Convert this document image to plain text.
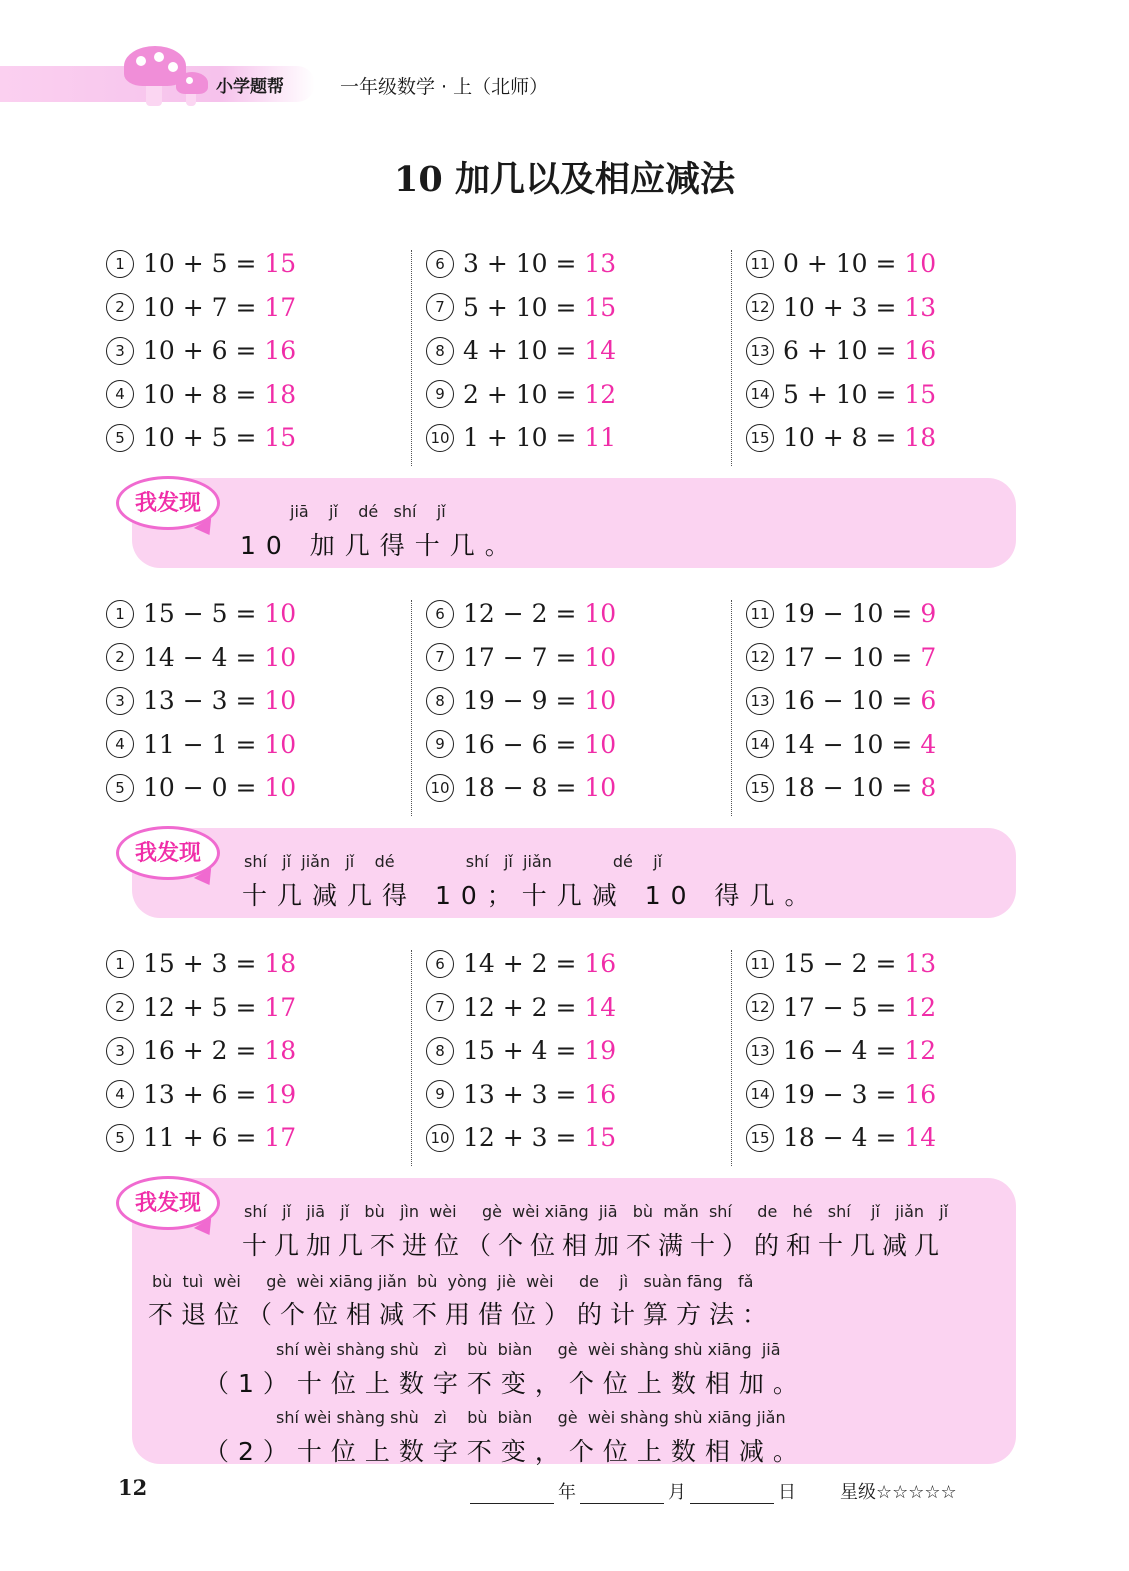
小学题帮	一年级数学 · 上（北师）
10 加几以及相应减法
1 10 + 5 = 15
2 10 + 7 = 17
3 10 + 6 = 16
4 10 + 8 = 18
5 10 + 5 = 15
6 3 + 10 = 13
7 5 + 10 = 15
8 4 + 10 = 14
9 2 + 10 = 12
10 1 + 10 = 11
11 0 + 10 = 10
12 10 + 3 = 13
13 6 + 10 = 16
14 5 + 10 = 15
15 10 + 8 = 18
jiā    jǐ    dé   shí    jǐ
10 加几得十几。
我发现
1 15 − 5 = 10
2 14 − 4 = 10
3 13 − 3 = 10
4 11 − 1 = 10
5 10 − 0 = 10
6 12 − 2 = 10
7 17 − 7 = 10
8 19 − 9 = 10
9 16 − 6 = 10
10 18 − 8 = 10
11 19 − 10 = 9
12 17 − 10 = 7
13 16 − 10 = 6
14 14 − 10 = 4
15 18 − 10 = 8
shí   jǐ  jiǎn   jǐ    dé              shí   jǐ  jiǎn            dé    jǐ
十几减几得 10；十几减 10 得几。
我发现
1 15 + 3 = 18
2 12 + 5 = 17
3 16 + 2 = 18
4 13 + 6 = 19
5 11 + 6 = 17
6 14 + 2 = 16
7 12 + 2 = 14
8 15 + 4 = 19
9 13 + 3 = 16
10 12 + 3 = 15
11 15 − 2 = 13
12 17 − 5 = 12
13 16 − 4 = 12
14 19 − 3 = 16
15 18 − 4 = 14
shí   jǐ   jiā   jǐ   bù   jìn  wèi     gè  wèi xiāng  jiā   bù  mǎn  shí     de   hé   shí    jǐ   jiǎn   jǐ
十几加几不进位（个位相加不满十）的和十几减几
bù  tuì  wèi     gè  wèi xiāng jiǎn  bù  yòng  jiè  wèi     de    jì   suàn fāng   fǎ
不退位（个位相减不用借位）的计算方法：
shí wèi shàng shù   zì    bù  biàn     gè  wèi shàng shù xiāng  jiā
（1）十位上数字不变，个位上数相加。
shí wèi shàng shù   zì    bù  biàn     gè  wèi shàng shù xiāng jiǎn
（2）十位上数字不变，个位上数相减。
我发现
12	年	月	日 星级☆☆☆☆☆
